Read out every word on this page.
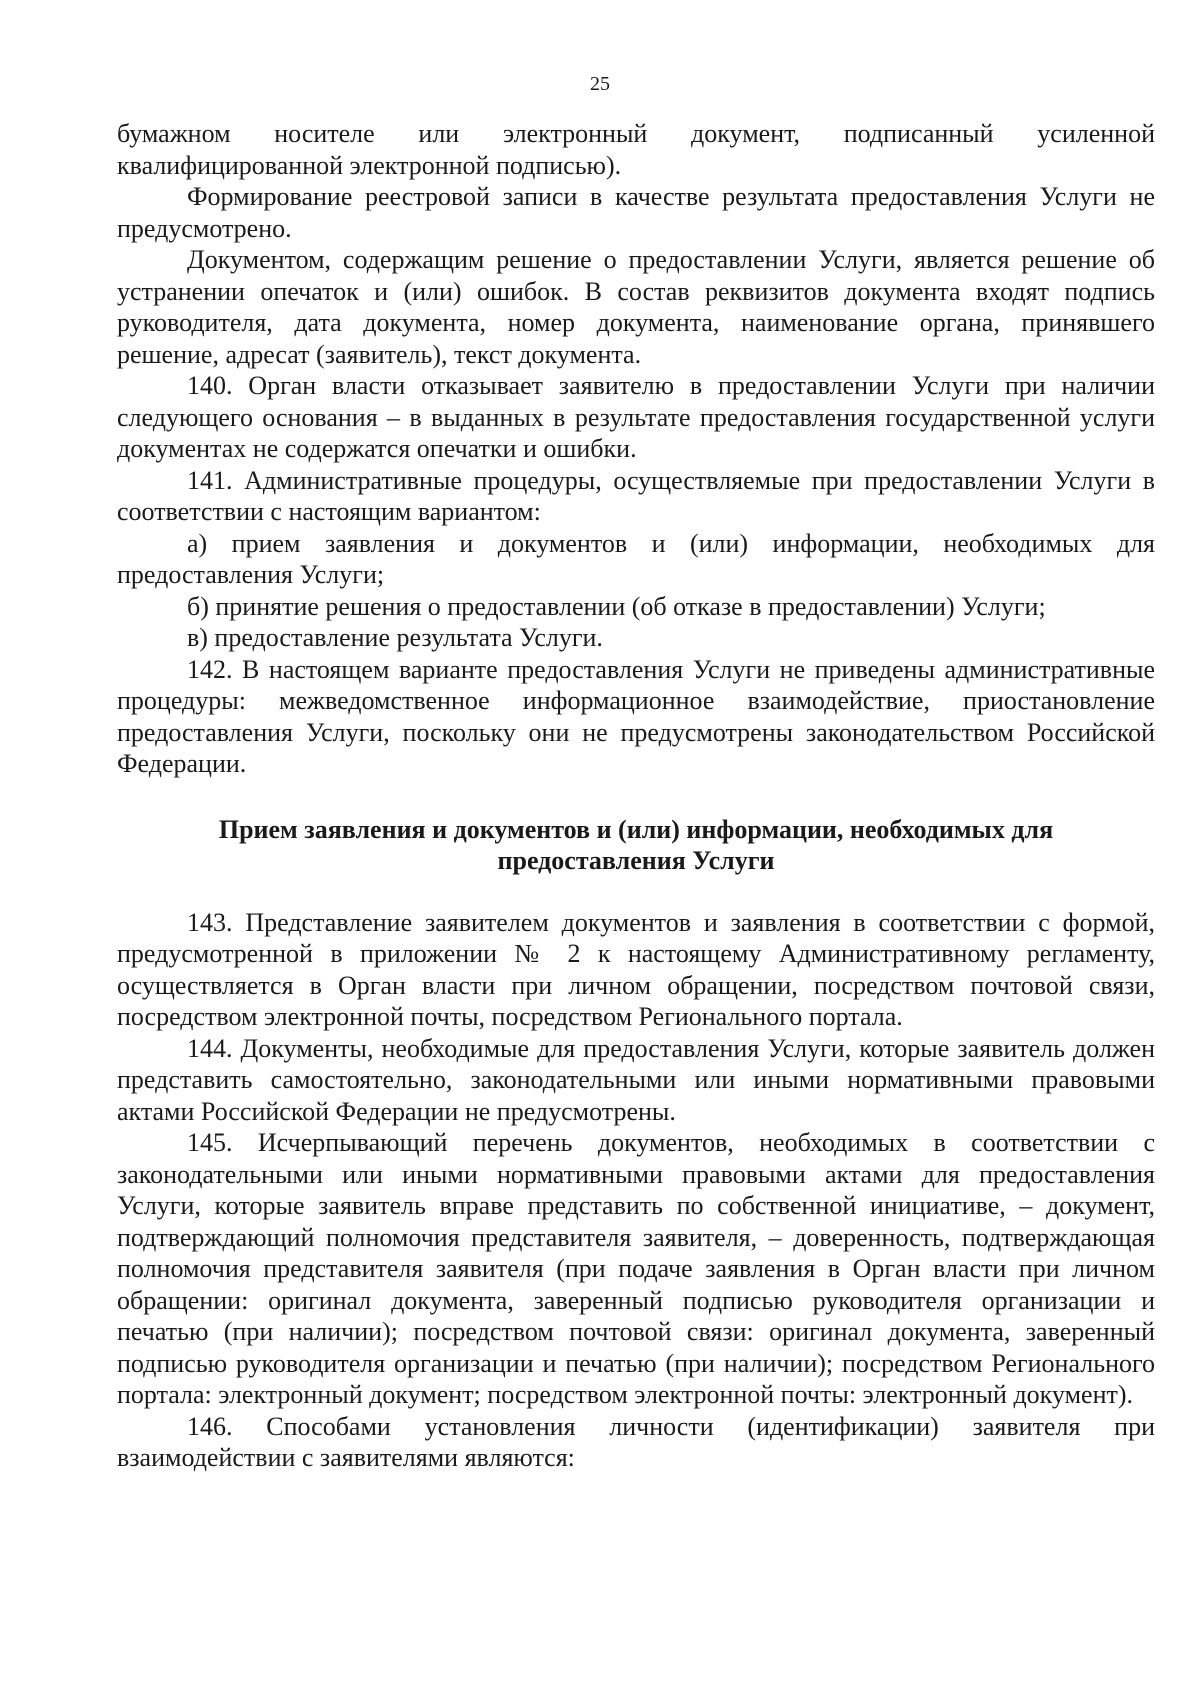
25

бумажном носителе или электронный документ, подписанный усиленной квалифицированной электронной подписью).

Формирование реестровой записи в качестве результата предоставления Услуги не предусмотрено.

Документом, содержащим решение о предоставлении Услуги, является решение об устранении опечаток и (или) ошибок. В состав реквизитов документа входят подпись руководителя, дата документа, номер документа, наименование органа, принявшего решение, адресат (заявитель), текст документа.

140. Орган власти отказывает заявителю в предоставлении Услуги при наличии следующего основания – в выданных в результате предоставления государственной услуги документах не содержатся опечатки и ошибки.

141. Административные процедуры, осуществляемые при предоставлении Услуги в соответствии с настоящим вариантом:

а) прием заявления и документов и (или) информации, необходимых для предоставления Услуги;

б) принятие решения о предоставлении (об отказе в предоставлении) Услуги;

в) предоставление результата Услуги.

142. В настоящем варианте предоставления Услуги не приведены административные процедуры: межведомственное информационное взаимодействие, приостановление предоставления Услуги, поскольку они не предусмотрены законодательством Российской Федерации.

Прием заявления и документов и (или) информации, необходимых для
предоставления Услуги

143. Представление заявителем документов и заявления в соответствии с формой, предусмотренной в приложении № 2 к настоящему Административному регламенту, осуществляется в Орган власти при личном обращении, посредством почтовой связи, посредством электронной почты, посредством Регионального портала.

144. Документы, необходимые для предоставления Услуги, которые заявитель должен представить самостоятельно, законодательными или иными нормативными правовыми актами Российской Федерации не предусмотрены.

145. Исчерпывающий перечень документов, необходимых в соответствии с законодательными или иными нормативными правовыми актами для предоставления Услуги, которые заявитель вправе представить по собственной инициативе, – документ, подтверждающий полномочия представителя заявителя, – доверенность, подтверждающая полномочия представителя заявителя (при подаче заявления в Орган власти при личном обращении: оригинал документа, заверенный подписью руководителя организации и печатью (при наличии); посредством почтовой связи: оригинал документа, заверенный подписью руководителя организации и печатью (при наличии); посредством Регионального портала: электронный документ; посредством электронной почты: электронный документ).

146. Способами установления личности (идентификации) заявителя при взаимодействии с заявителями являются:
